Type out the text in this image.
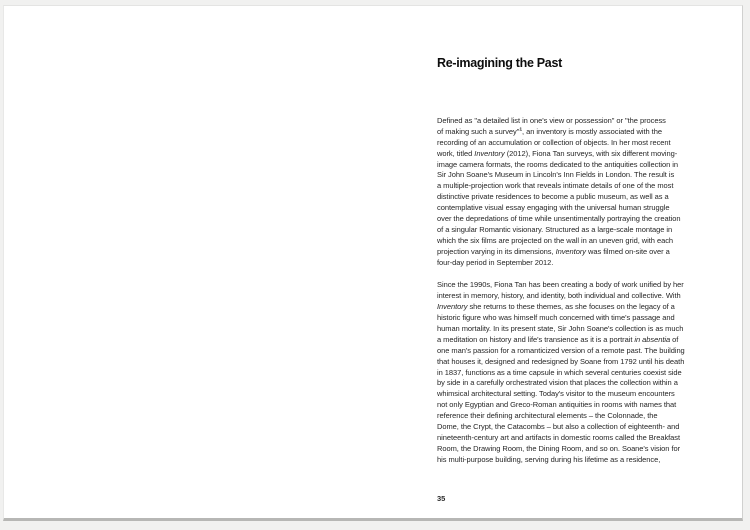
Re-imagining the Past
Defined as "a detailed list in one's view or possession" or "the process
of making such a survey"$^1$, an inventory is mostly associated with the
recording of an accumulation or collection of objects. In her most recent
work, titled Inventory (2012), Fiona Tan surveys, with six different moving-
image camera formats, the rooms dedicated to the antiquities collection in
Sir John Soane's Museum in Lincoln's Inn Fields in London. The result is
a multiple-projection work that reveals intimate details of one of the most
distinctive private residences to become a public museum, as well as a
contemplative visual essay engaging with the universal human struggle
over the depredations of time while unsentimentally portraying the creation
of a singular Romantic visionary. Structured as a large-scale montage in
which the six films are projected on the wall in an uneven grid, with each
projection varying in its dimensions, Inventory was filmed on-site over a
four-day period in September 2012.
Since the 1990s, Fiona Tan has been creating a body of work unified by her
interest in memory, history, and identity, both individual and collective. With
Inventory she returns to these themes, as she focuses on the legacy of a
historic figure who was himself much concerned with time's passage and
human mortality. In its present state, Sir John Soane's collection is as much
a meditation on history and life's transience as it is a portrait in absentia of
one man's passion for a romanticized version of a remote past. The building
that houses it, designed and redesigned by Soane from 1792 until his death
in 1837, functions as a time capsule in which several centuries coexist side
by side in a carefully orchestrated vision that places the collection within a
whimsical architectural setting. Today's visitor to the museum encounters
not only Egyptian and Greco-Roman antiquities in rooms with names that
reference their defining architectural elements – the Colonnade, the
Dome, the Crypt, the Catacombs – but also a collection of eighteenth- and
nineteenth-century art and artifacts in domestic rooms called the Breakfast
Room, the Drawing Room, the Dining Room, and so on. Soane's vision for
his multi-purpose building, serving during his lifetime as a residence,
35
